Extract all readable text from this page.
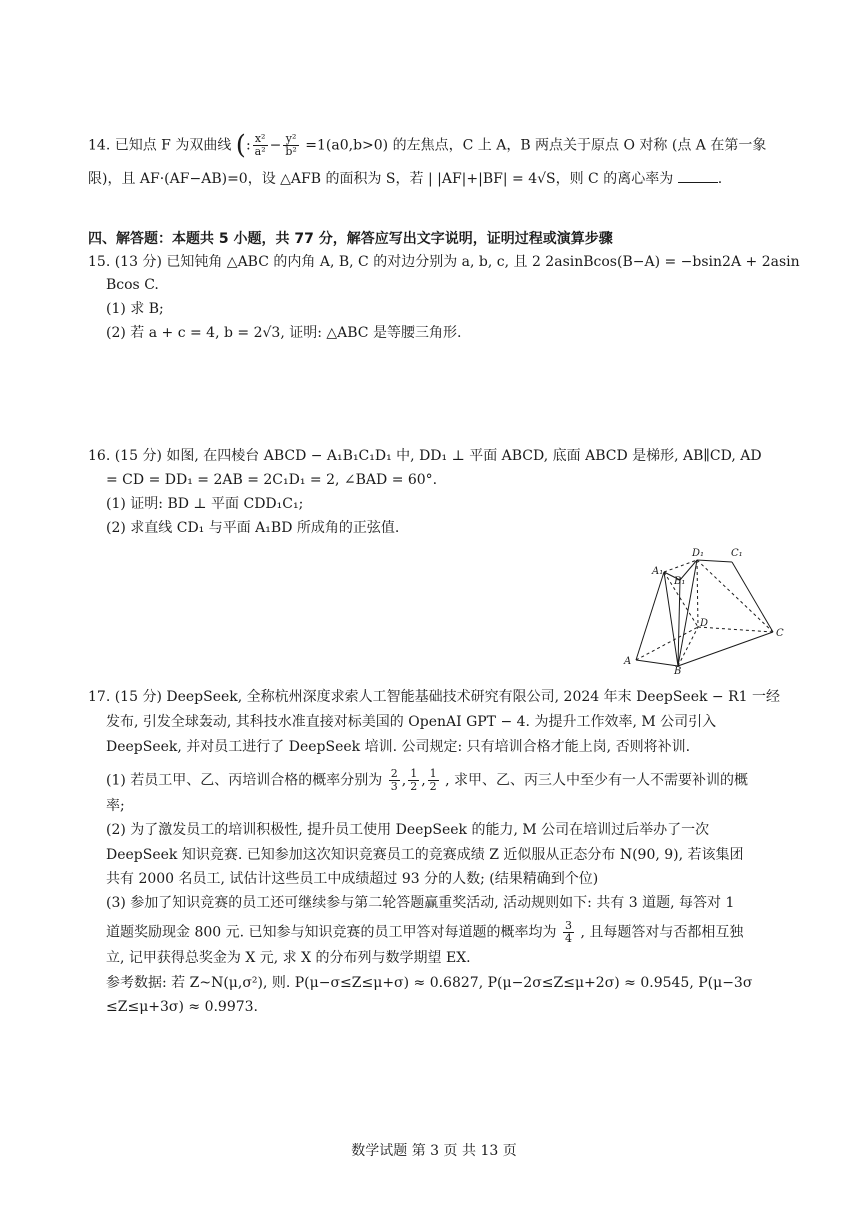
14. 已知点 F 为双曲线 (: $\frac{\text{x²}}{\text{a²}} - \frac{\text{y²}}{\text{b²}} =1(a0,b>0)$ 的左焦点，C 上 A，B 两点关于原点 O 对称 (点 A 在第一象
限)，且 AF·(AF−AB)=0，设 △AFB 的面积为 S，若 | |AF|+|BF| = 4√S，则 C 的离心率为	.
四、解答题：本题共 5 小题，共 77 分，解答应写出文字说明，证明过程或演算步骤
15. (13 分) 已知钝角 △ABC 的内角 A, B, C 的对边分别为 a, b, c, 且 2 2asinBcos(B−A) = −bsin2A + 2asin
Bcos C.
(1) 求 B;
(2) 若 a + c = 4, b = 2√3, 证明: △ABC 是等腰三角形.
16. (15 分) 如图, 在四棱台 ABCD − A₁B₁C₁D₁ 中, DD₁ ⊥ 平面 ABCD, 底面 ABCD 是梯形, AB∥CD, AD
= CD = DD₁ = 2AB = 2C₁D₁ = 2, ∠BAD = 60°.
(1) 证明: BD ⊥ 平面 CDD₁C₁;
(2) 求直线 CD₁ 与平面 A₁BD 所成角的正弦值.
A₁
B₁
D₁	C₁
D
C
A
B
17. (15 分) DeepSeek, 全称杭州深度求索人工智能基础技术研究有限公司, 2024 年末 DeepSeek − R1 一经
发布, 引发全球轰动, 其科技水准直接对标美国的 OpenAI GPT − 4. 为提升工作效率, M 公司引入
DeepSeek, 并对员工进行了 DeepSeek 培训. 公司规定: 只有培训合格才能上岗, 否则将补训.
(1) 若员工甲、乙、丙培训合格的概率分别为 $\frac{2}{3}$ , $\frac{1}{2}$ , $\frac{1}{2}$ , 求甲、乙、丙三人中至少有一人不需要补训的概
率;
(2) 为了激发员工的培训积极性, 提升员工使用 DeepSeek 的能力, M 公司在培训过后举办了一次
DeepSeek 知识竞赛. 已知参加这次知识竞赛员工的竞赛成绩 Z 近似服从正态分布 N(90, 9), 若该集团
共有 2000 名员工, 试估计这些员工中成绩超过 93 分的人数; (结果精确到个位)
(3) 参加了知识竞赛的员工还可继续参与第二轮答题赢重奖活动, 活动规则如下: 共有 3 道题, 每答对 1
道题奖励现金 800 元. 已知参与知识竞赛的员工甲答对每道题的概率均为 $\frac{3}{4}$ , 且每题答对与否都相互独
立, 记甲获得总奖金为 X 元, 求 X 的分布列与数学期望 EX.
参考数据: 若 Z~N(μ,σ²), 则. P(μ−σ≤Z≤μ+σ) ≈ 0.6827, P(μ−2σ≤Z≤μ+2σ) ≈ 0.9545, P(μ−3σ
≤Z≤μ+3σ) ≈ 0.9973.
数学试题 第 3 页 共 13 页
